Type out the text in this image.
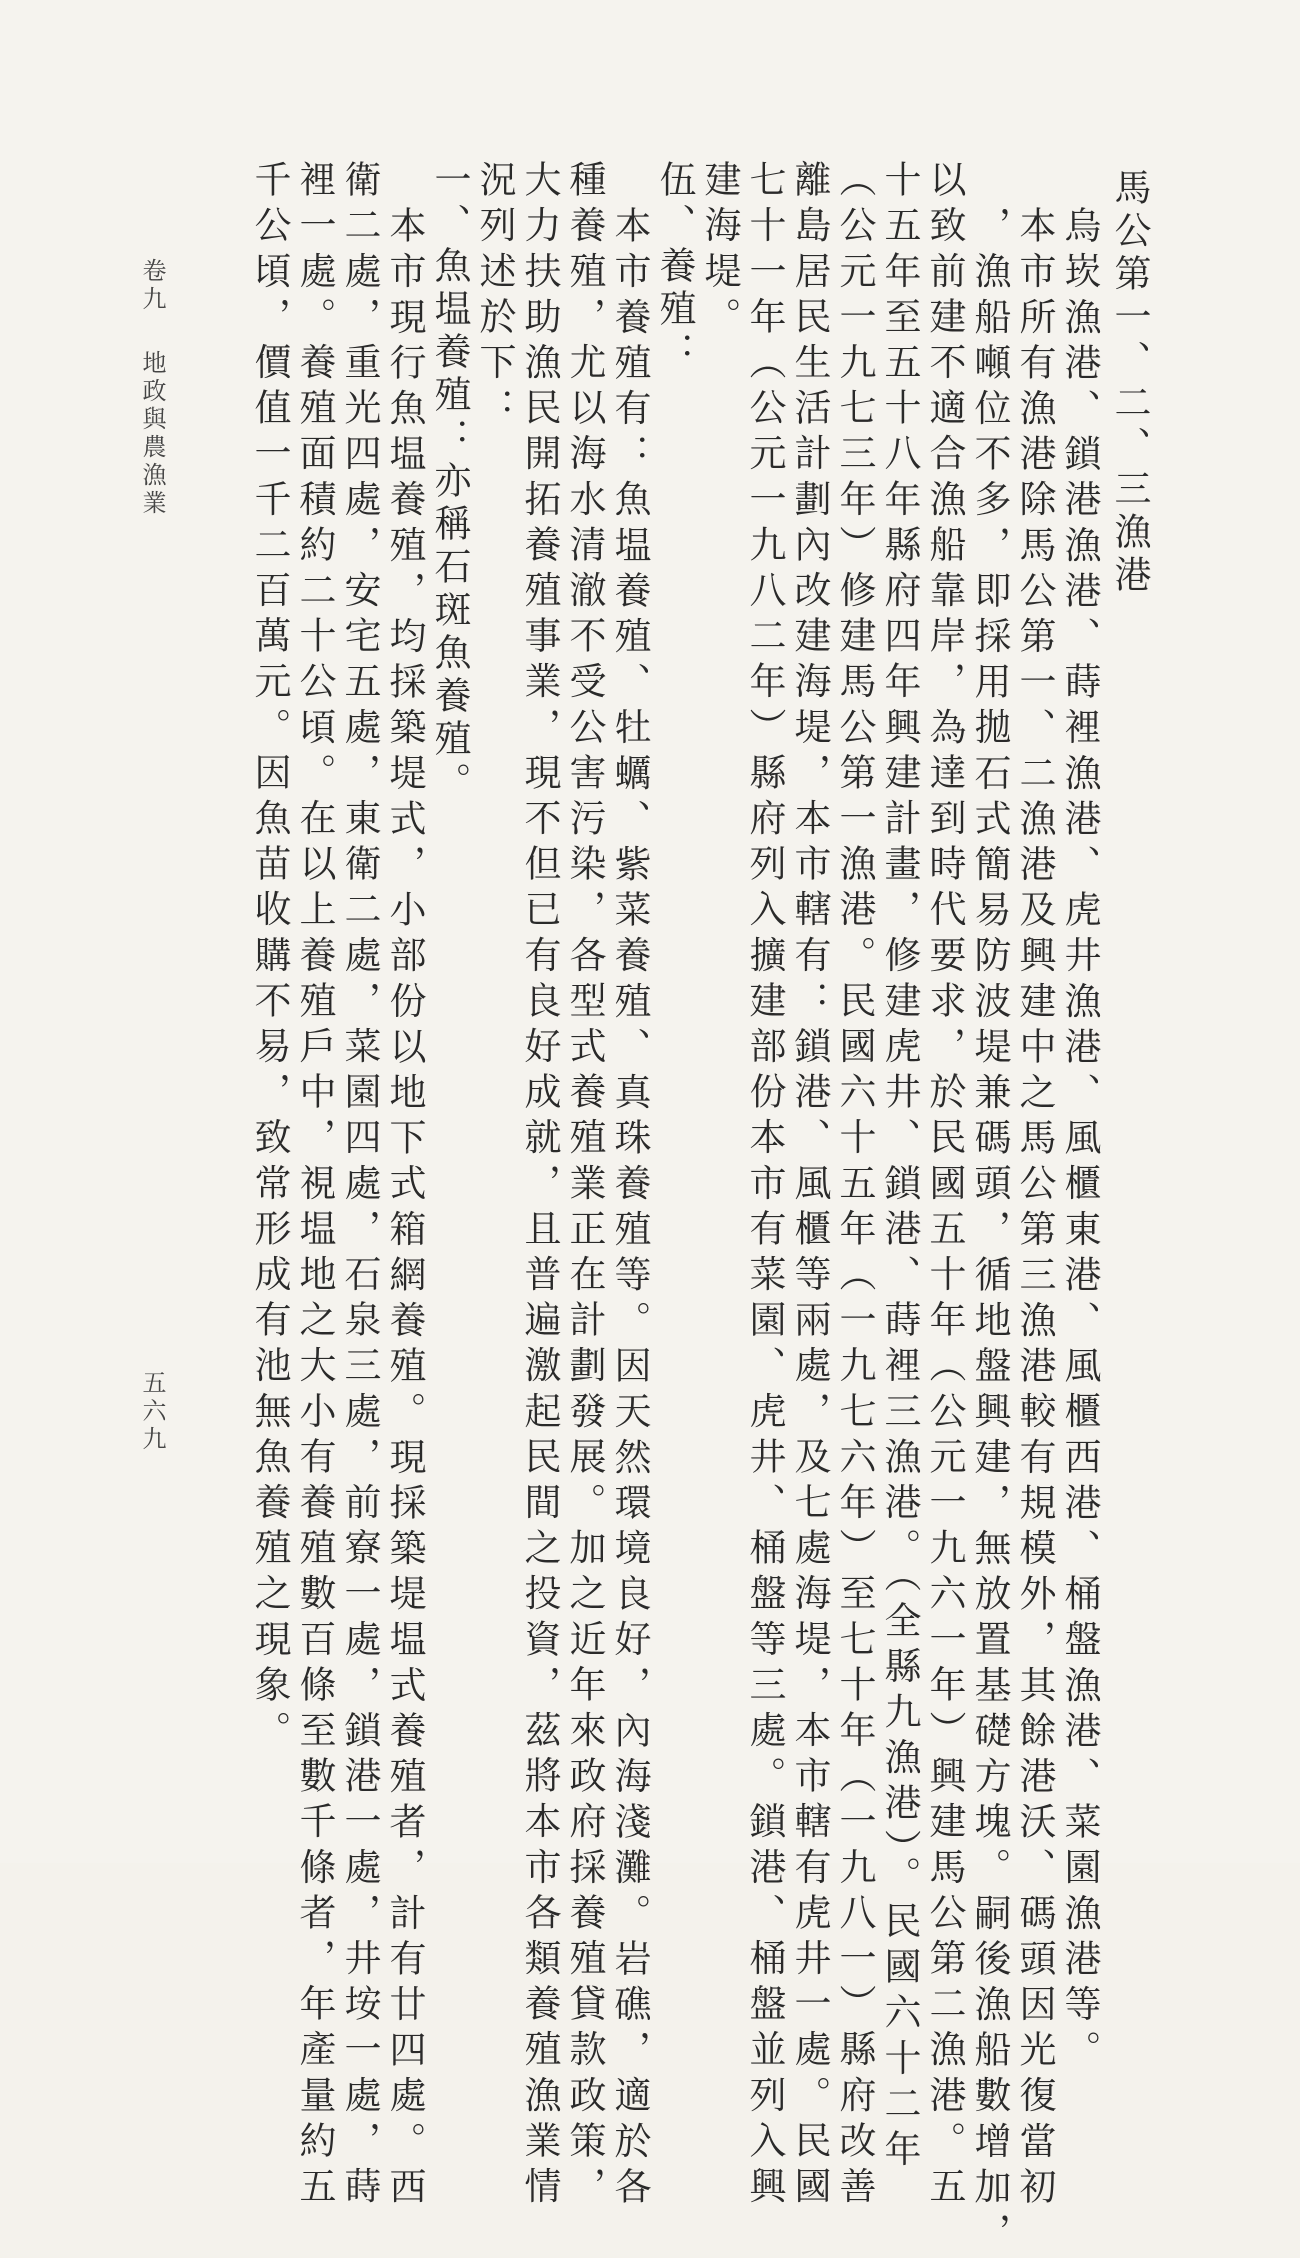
馬公第一、二、三漁港
烏崁漁港、鎖港漁港、蒔裡漁港、虎井漁港、風櫃東港、風櫃西港、桶盤漁港、菜園漁港等。
本市所有漁港除馬公第一、二漁港及興建中之馬公第三漁港較有規模外，其餘港沃、碼頭因光復當初
，漁船噸位不多，即採用拋石式簡易防波堤兼碼頭，循地盤興建，無放置基礎方塊。嗣後漁船數增加，
以致前建不適合漁船靠岸，為達到時代要求，於民國五十年（公元一九六一年）興建馬公第二漁港。五
十五年至五十八年縣府四年興建計畫，修建虎井、鎖港、蒔裡三漁港。（全縣九漁港）。民國六十二年
（公元一九七三年）修建馬公第一漁港。民國六十五年（一九七六年）至七十年（一九八一）縣府改善
離島居民生活計劃內改建海堤，本市轄有：鎖港、風櫃等兩處，及七處海堤，本市轄有虎井一處。民國
七十一年（公元一九八二年）縣府列入擴建部份本市有菜園、虎井、桶盤等三處。鎖港、桶盤並列入興
建海堤。
伍、養殖：
本市養殖有：魚塭養殖、牡蠣、紫菜養殖、真珠養殖等。因天然環境良好，內海淺灘。岩礁，適於各
種養殖，尤以海水清澈不受公害污染，各型式養殖業正在計劃發展。加之近年來政府採養殖貸款政策，
大力扶助漁民開拓養殖事業，現不但已有良好成就，且普遍激起民間之投資，茲將本市各類養殖漁業情
況列述於下：
一、魚塭養殖：亦稱石斑魚養殖。
本市現行魚塭養殖，均採築堤式，小部份以地下式箱網養殖。現採築堤塭式養殖者，計有廿四處。西
衛二處，重光四處，安宅五處，東衛二處，菜園四處，石泉三處，前寮一處，鎖港一處，井垵一處，蒔
裡一處。養殖面積約二十公頃。在以上養殖戶中，視塭地之大小有養殖數百條至數千條者，年產量約五
千公頃，價值一千二百萬元。因魚苗收購不易，致常形成有池無魚養殖之現象。
卷九
地政與農漁業
五六九
